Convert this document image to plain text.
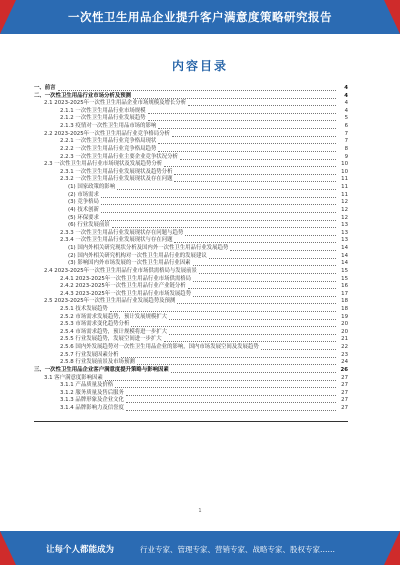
一次性卫生用品企业提升客户满意度策略研究报告
内容目录
一、前言	4
二、一次性卫生用品行业市场分析及预测	4
2.1 2023-2025年一次性卫生用品企业市场规模及增长分析	4
2.1.1 一次性卫生用品行业市场规模	4
2.1.2 一次性卫生用品行业发展趋势	5
2.1.3 疫情对一次性卫生用品市场的影响	6
2.2 2023-2025年一次性卫生用品行业竞争格局分析	7
2.2.1 一次性卫生用品行业竞争格局现状	7
2.2.2 一次性卫生用品行业竞争格局趋势	8
2.2.3 一次性卫生用品行业主要企业竞争状况分析	9
2.3 一次性卫生用品行业市场现状及发展趋势分析	10
2.3.1 一次性卫生用品行业发展现状及趋势分析	10
2.3.2 一次性卫生用品行业发展现状及存在问题	11
(1) 国家政策的影响	11
(2) 市场需求	11
(3) 竞争格局	12
(4) 技术创新	12
(5) 环保要求	12
(6) 行业发展前景	13
2.3.3 一次性卫生用品行业发展现状存在问题与趋势	13
2.3.4 一次性卫生用品行业发展现状与存在问题	13
(1) 国内外相关研究现状分析及国内外一次性卫生用品行业发展趋势	14
(2) 国内外相关研究机构对一次性卫生用品行业的发展建议	14
(3) 影响国内外市场发展的一次性卫生用品行业因素	14
2.4 2023-2025年一次性卫生用品行业市场供需格局与发展前景	15
2.4.1 2023-2025年一次性卫生用品行业市场供需格局	15
2.4.2 2023-2025年一次性卫生用品行业产业链分析	16
2.4.3 2023-2025年一次性卫生用品行业市场发展趋势	17
2.5 2023-2025年一次性卫生用品行业发展趋势及预测	18
2.5.1 技术发展趋势	18
2.5.2 市场需求发展趋势，预计发展规模扩大	19
2.5.3 市场需求变化趋势分析	20
2.5.4 市场需求趋势，预计规模将进一步扩大	20
2.5.5 行业发展趋势，发展空间进一步扩大	21
2.5.6 国内外发展趋势对一次性卫生用品企业的影响，国内市场发展空间及发展趋势	22
2.5.7 行业发展因素分析	23
2.5.8 行业发展前景及市场预测	24
三、一次性卫生用品企业客户满意度提升策略与影响因素	26
3.1 客户满意度影响因素	27
3.1.1 产品质量及价格	27
3.1.2 服务质量及售后服务	27
3.1.3 品牌形象及企业文化	27
3.1.4 品牌影响力及信誉度	27
1
让每个人都能成为	行业专家、管理专家、营销专家、战略专家、股权专家……
